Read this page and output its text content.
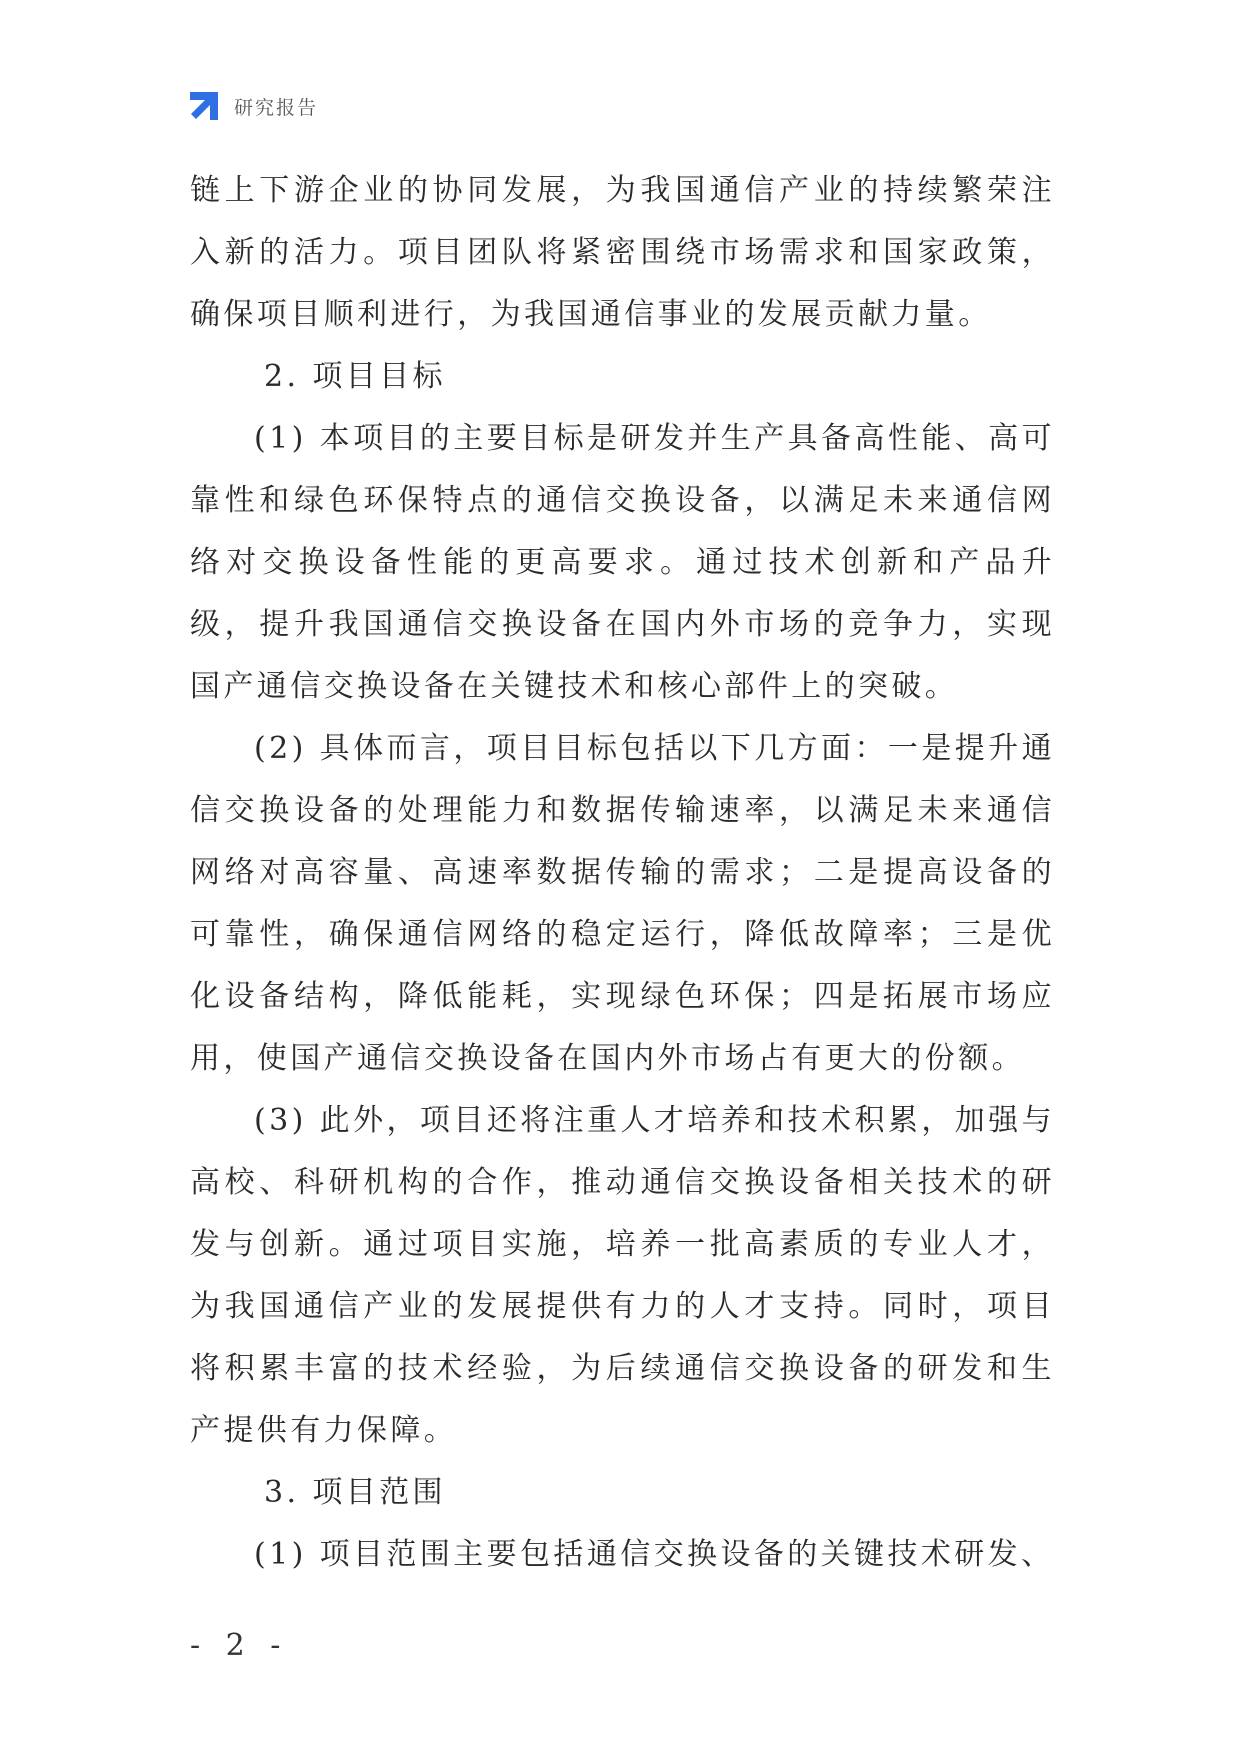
研究报告

链上下游企业的协同发展，为我国通信产业的持续繁荣注入新的活力。项目团队将紧密围绕市场需求和国家政策，确保项目顺利进行，为我国通信事业的发展贡献力量。

2. 项目目标

(1) 本项目的主要目标是研发并生产具备高性能、高可靠性和绿色环保特点的通信交换设备，以满足未来通信网络对交换设备性能的更高要求。通过技术创新和产品升级，提升我国通信交换设备在国内外市场的竞争力，实现国产通信交换设备在关键技术和核心部件上的突破。

(2) 具体而言，项目目标包括以下几方面：一是提升通信交换设备的处理能力和数据传输速率，以满足未来通信网络对高容量、高速率数据传输的需求；二是提高设备的可靠性，确保通信网络的稳定运行，降低故障率；三是优化设备结构，降低能耗，实现绿色环保；四是拓展市场应用，使国产通信交换设备在国内外市场占有更大的份额。

(3) 此外，项目还将注重人才培养和技术积累，加强与高校、科研机构的合作，推动通信交换设备相关技术的研发与创新。通过项目实施，培养一批高素质的专业人才，为我国通信产业的发展提供有力的人才支持。同时，项目将积累丰富的技术经验，为后续通信交换设备的研发和生产提供有力保障。

3. 项目范围

(1) 项目范围主要包括通信交换设备的关键技术研发、

- 2 -
